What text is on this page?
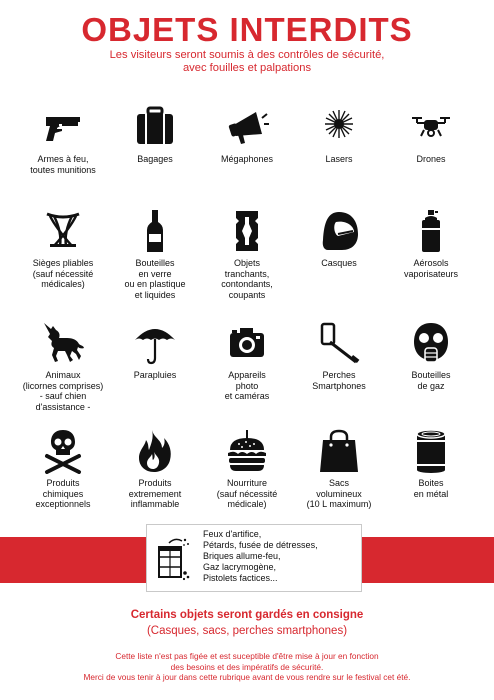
OBJETS INTERDITS
Les visiteurs seront soumis à des contrôles de sécurité,
avec fouilles et palpations
Armes à feu,
toutes munitions
Bagages	Mégaphones	Lasers	Drones
Sièges pliables
(sauf nécessité
médicales)
Bouteilles
en verre
ou en plastique
et liquides
Objets
tranchants,
contondants,
coupants
Casques	Aérosols
vaporisateurs
Animaux
(licornes comprises)
- sauf chien
d'assistance -
Parapluies	Appareils
photo
et caméras
Perches
Smartphones
Bouteilles
de gaz
Produits
chimiques
exceptionnels
Produits
extremement
inflammable
Nourriture
(sauf nécessité
médicale)
Sacs
volumineux
(10 L maximum)
Boites
en métal
Feux d'artifice,
Pétards, fusée de détresses,
Briques allume-feu,
Gaz lacrymogène,
Pistolets factices...
Certains objets seront gardés en consigne
(Casques, sacs, perches smartphones)
Cette liste n'est pas figée et est suceptible d'être mise à jour en fonction
des besoins et des impératifs de sécurité.
Merci de vous tenir à jour dans cette rubrique avant de vous rendre sur le festival cet été.
